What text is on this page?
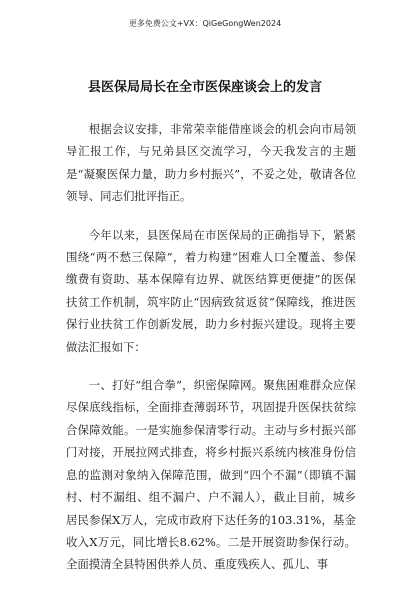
更多免费公文+VX：QiGeGongWen2024
县医保局局长在全市医保座谈会上的发言

根据会议安排，非常荣幸能借座谈会的机会向市局领导汇报工作，与兄弟县区交流学习，今天我发言的主题是“凝聚医保力量，助力乡村振兴”，不妥之处，敬请各位领导、同志们批评指正。

今年以来，县医保局在市医保局的正确指导下，紧紧围绕“两不愁三保障”，着力构建“困难人口全覆盖、参保缴费有资助、基本保障有边界、就医结算更便捷”的医保扶贫工作机制，筑牢防止“因病致贫返贫”保障线，推进医保行业扶贫工作创新发展，助力乡村振兴建设。现将主要做法汇报如下：

一、打好“组合拳”，织密保障网。聚焦困难群众应保尽保底线指标，全面排查薄弱环节，巩固提升医保扶贫综合保障效能。一是实施参保清零行动。主动与乡村振兴部门对接，开展拉网式排查，将乡村振兴系统内核准身份信息的监测对象纳入保障范围，做到“四个不漏”（即镇不漏村、村不漏组、组不漏户、户不漏人），截止目前，城乡居民参保X万人，完成市政府下达任务的103.31%，基金收入X万元，同比增长8.62%。二是开展资助参保行动。全面摸清全县特困供养人员、重度残疾人、孤儿、事
